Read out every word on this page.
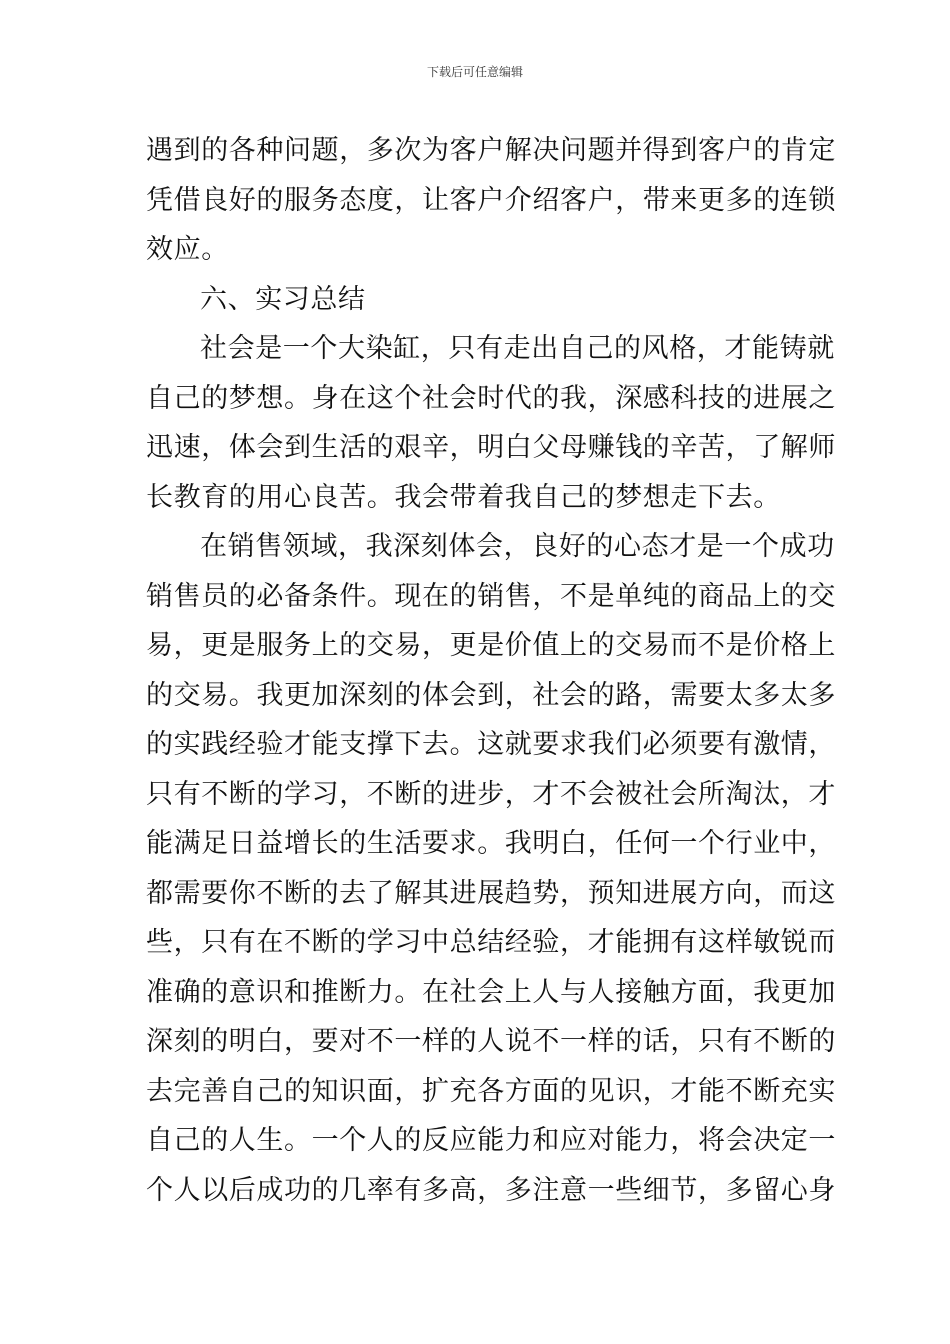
下载后可任意编辑
遇到的各种问题，多次为客户解决问题并得到客户的肯定
凭借良好的服务态度，让客户介绍客户，带来更多的连锁
效应。
六、实习总结
社会是一个大染缸，只有走出自己的风格，才能铸就
自己的梦想。身在这个社会时代的我，深感科技的进展之
迅速，体会到生活的艰辛，明白父母赚钱的辛苦，了解师
长教育的用心良苦。我会带着我自己的梦想走下去。
在销售领域，我深刻体会，良好的心态才是一个成功
销售员的必备条件。现在的销售，不是单纯的商品上的交
易，更是服务上的交易，更是价值上的交易而不是价格上
的交易。我更加深刻的体会到，社会的路，需要太多太多
的实践经验才能支撑下去。这就要求我们必须要有激情，
只有不断的学习，不断的进步，才不会被社会所淘汰，才
能满足日益增长的生活要求。我明白，任何一个行业中，
都需要你不断的去了解其进展趋势，预知进展方向，而这
些，只有在不断的学习中总结经验，才能拥有这样敏锐而
准确的意识和推断力。在社会上人与人接触方面，我更加
深刻的明白，要对不一样的人说不一样的话，只有不断的
去完善自己的知识面，扩充各方面的见识，才能不断充实
自己的人生。一个人的反应能力和应对能力，将会决定一
个人以后成功的几率有多高，多注意一些细节，多留心身
